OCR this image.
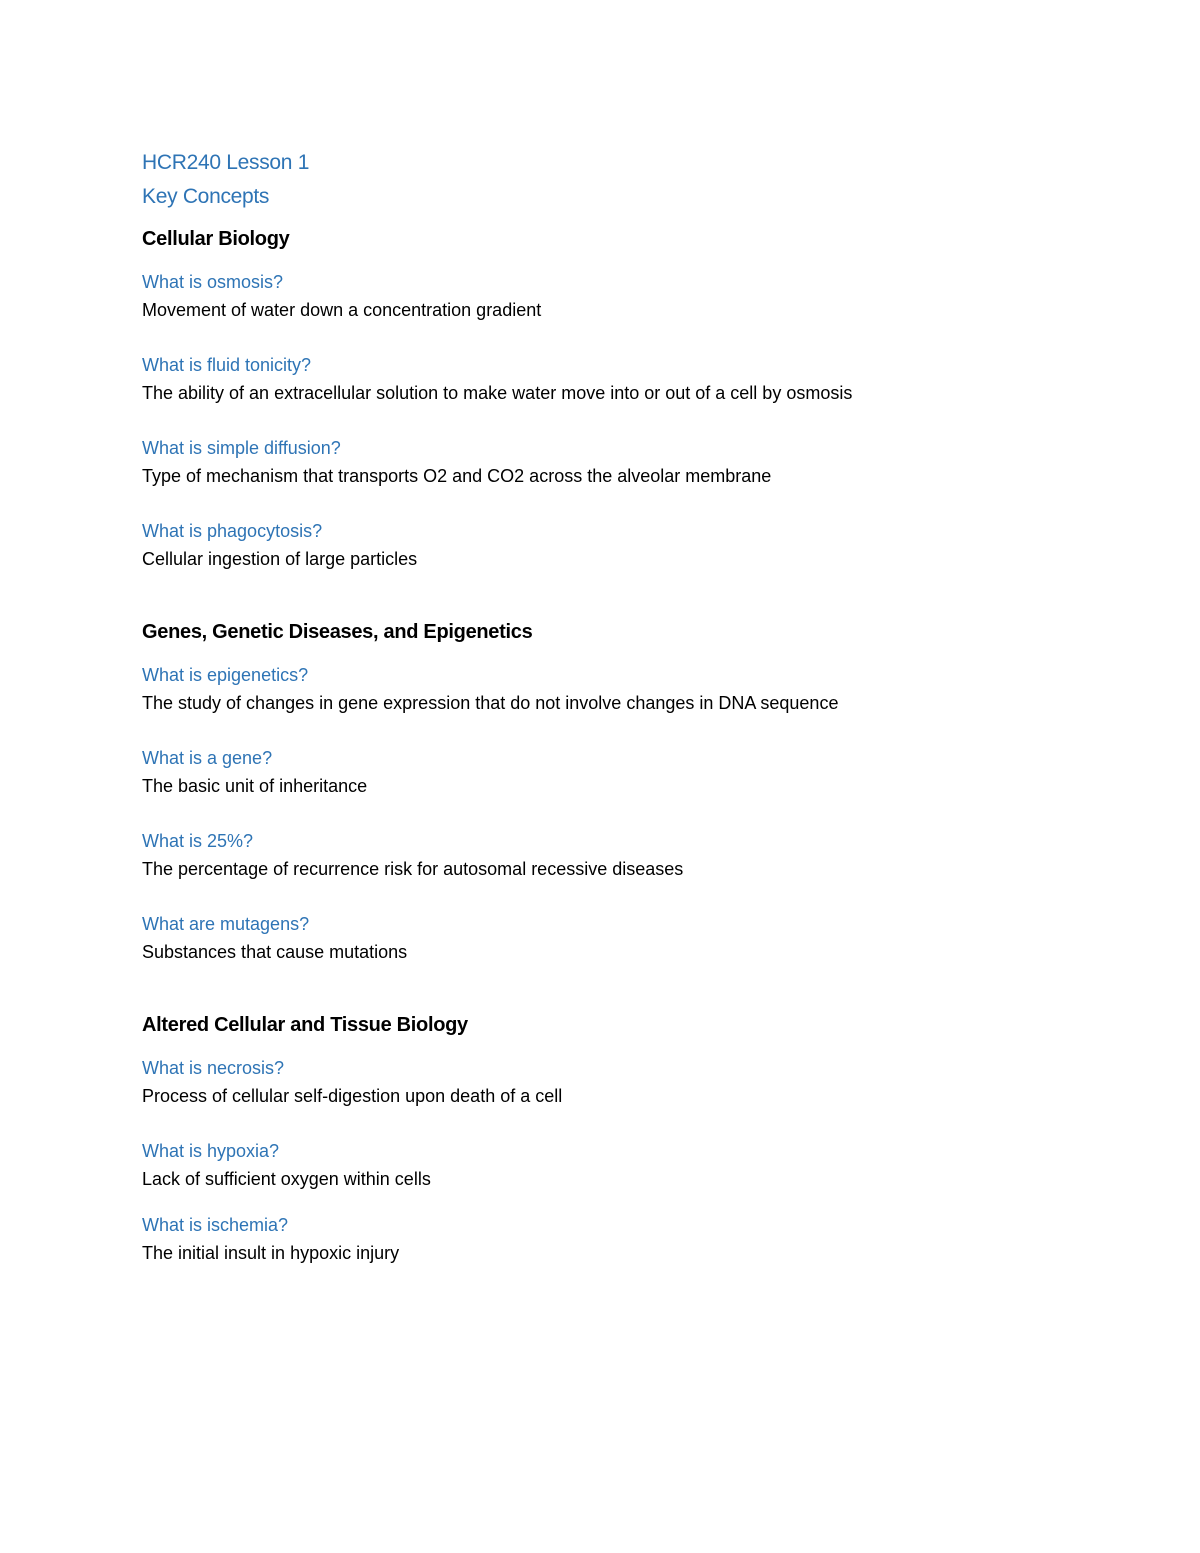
HCR240 Lesson 1
Key Concepts
Cellular Biology

What is osmosis?

Movement of water down a concentration gradient

What is fluid tonicity?

The ability of an extracellular solution to make water move into or out of a cell by osmosis

What is simple diffusion?

Type of mechanism that transports O2 and CO2 across the alveolar membrane

What is phagocytosis?

Cellular ingestion of large particles

Genes, Genetic Diseases, and Epigenetics

What is epigenetics?

The study of changes in gene expression that do not involve changes in DNA sequence

What is a gene?

The basic unit of inheritance

What is 25%?

The percentage of recurrence risk for autosomal recessive diseases

What are mutagens?

Substances that cause mutations

Altered Cellular and Tissue Biology

What is necrosis?

Process of cellular self-digestion upon death of a cell

What is hypoxia?

Lack of sufficient oxygen within cells

What is ischemia?

The initial insult in hypoxic injury
